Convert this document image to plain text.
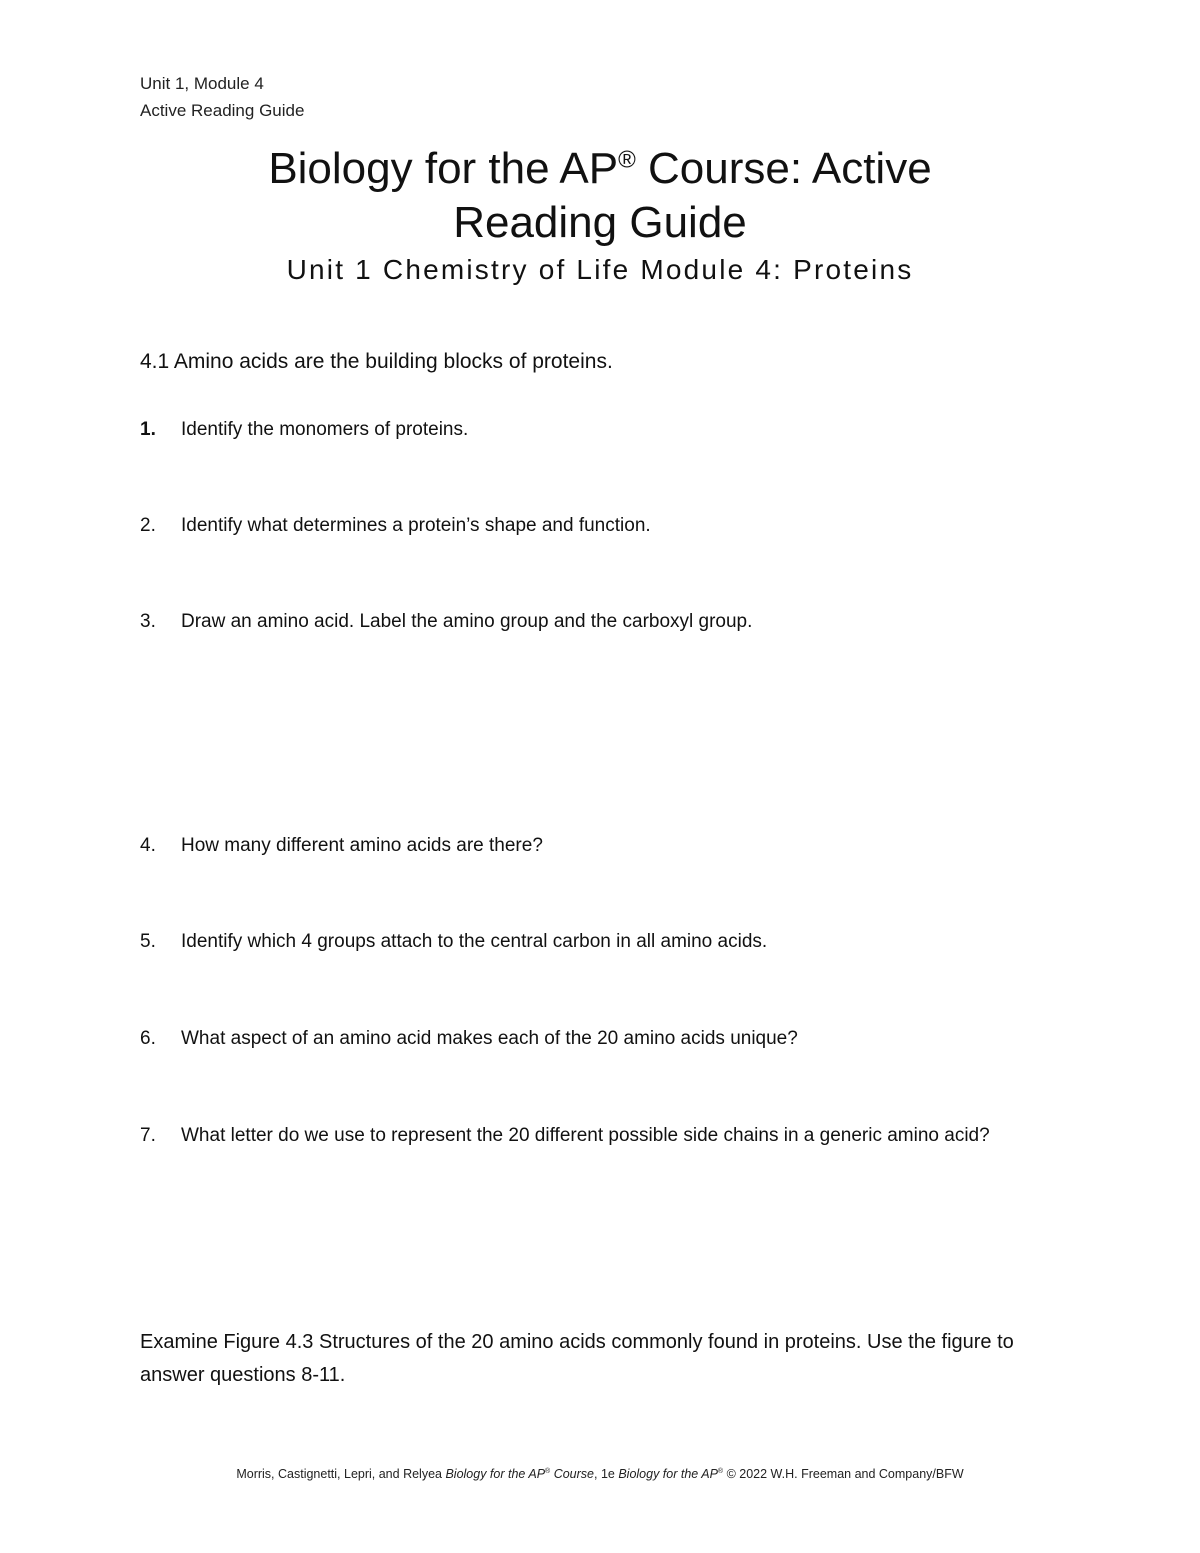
Unit 1, Module 4
Active Reading Guide
Biology for the AP® Course: Active
Reading Guide
Unit 1 Chemistry of Life Module 4: Proteins
4.1 Amino acids are the building blocks of proteins.
1.	Identify the monomers of proteins.
2.	Identify what determines a protein’s shape and function.
3.	Draw an amino acid. Label the amino group and the carboxyl group.
4.	How many different amino acids are there?
5.	Identify which 4 groups attach to the central carbon in all amino acids.
6.	What aspect of an amino acid makes each of the 20 amino acids unique?
7.	What letter do we use to represent the 20 different possible side chains in a generic amino acid?
Examine Figure 4.3 Structures of the 20 amino acids commonly found in proteins. Use the figure to answer questions 8-11.
Morris, Castignetti, Lepri, and Relyea Biology for the AP® Course, 1e Biology for the AP® © 2022 W.H. Freeman and Company/BFW
